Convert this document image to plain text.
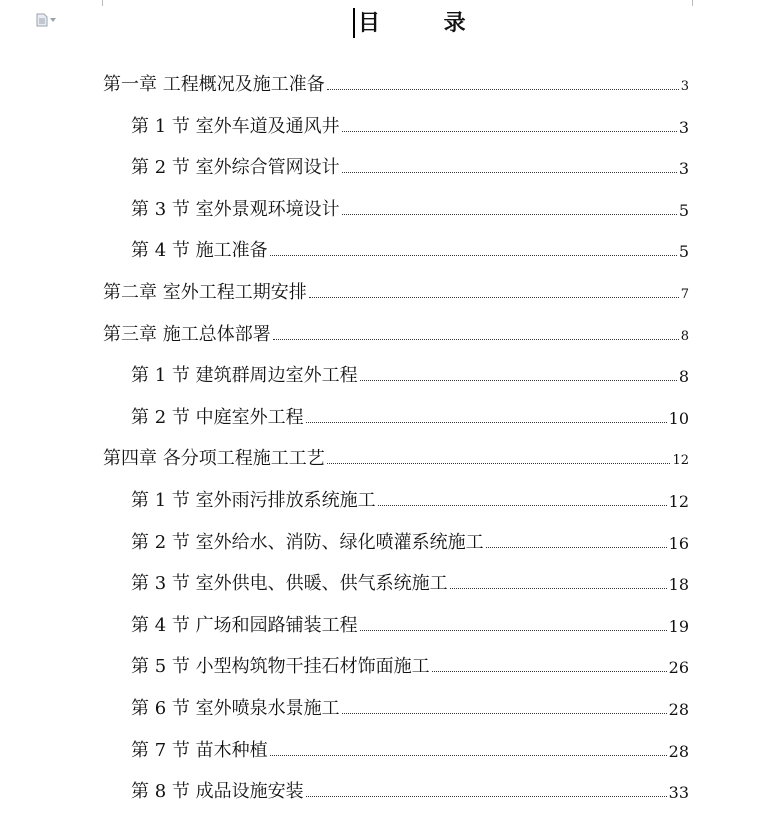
目 录
第一章 工程概况及施工准备	3
第 1 节 室外车道及通风井	3
第 2 节 室外综合管网设计	3
第 3 节 室外景观环境设计	5
第 4 节 施工准备	5
第二章 室外工程工期安排	7
第三章 施工总体部署	8
第 1 节 建筑群周边室外工程	8
第 2 节 中庭室外工程	10
第四章 各分项工程施工工艺	12
第 1 节 室外雨污排放系统施工	12
第 2 节 室外给水、消防、绿化喷灌系统施工	16
第 3 节 室外供电、供暖、供气系统施工	18
第 4 节 广场和园路铺装工程	19
第 5 节 小型构筑物干挂石材饰面施工	26
第 6 节 室外喷泉水景施工	28
第 7 节 苗木种植	28
第 8 节 成品设施安装	33
